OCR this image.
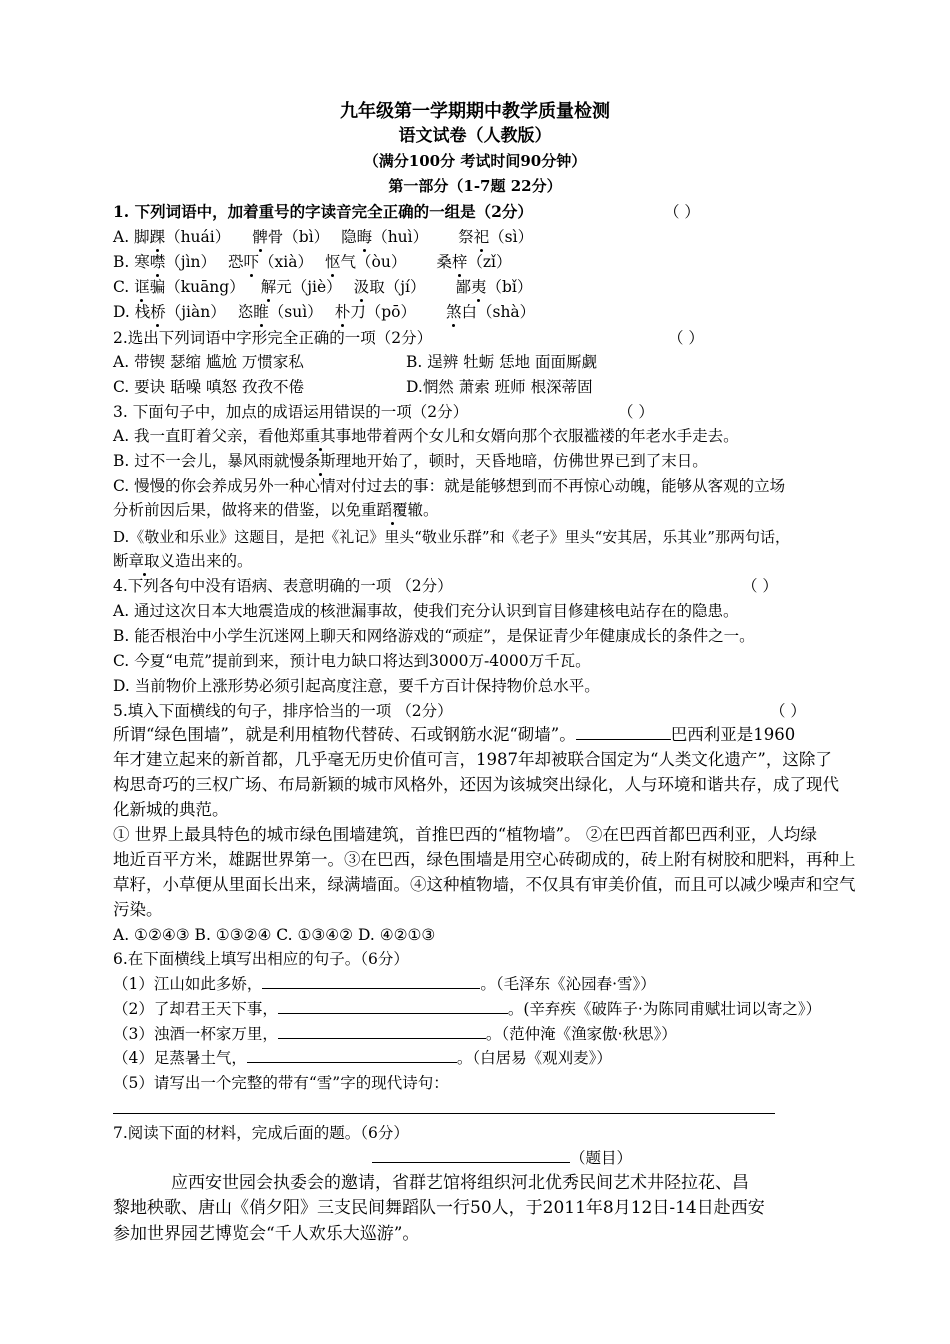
九年级第一学期期中教学质量检测
语文试卷（人教版）
（满分100分 考试时间90分钟）
第一部分（1-7题 22分）
1. 下列词语中，加着重号的字读音完全正确的一组是（2分）	（ ）
A. 脚踝（huái） 髀骨（bì） 隐晦（huì） 祭祀（sì）
B. 寒噤（jìn） 恐吓（xià） 怄气（òu） 桑梓（zǐ）
C. 诓骗（kuāng） 解元（jiè） 汲取（jí） 鄙夷（bǐ）
D. 栈桥（jiàn） 恣睢（suì） 朴刀（pō） 煞白（shà）
2.选出下列词语中字形完全正确的一项（2分）	（ ）
A. 带锲 瑟缩 尴尬 万惯家私	B. 逞辨 牡蛎 恁地 面面厮觑
C. 要诀 聒噪 嗔怒 孜孜不倦	D.惘然 萧索 班师 根深蒂固
3. 下面句子中，加点的成语运用错误的一项（2分）	（ ）
A. 我一直盯着父亲，看他郑重其事地带着两个女儿和女婿向那个衣服褴褛的年老水手走去。
B. 过不一会儿，暴风雨就慢条斯理地开始了，顿时，天昏地暗，仿佛世界已到了末日。
C. 慢慢的你会养成另外一种心情对付过去的事：就是能够想到而不再惊心动魄，能够从客观的立场
分析前因后果，做将来的借鉴，以免重蹈覆辙。
D.《敬业和乐业》这题目，是把《礼记》里头“敬业乐群”和《老子》里头“安其居，乐其业”那两句话，
断章取义造出来的。
4.下列各句中没有语病、表意明确的一项 （2分）	（ ）
A. 通过这次日本大地震造成的核泄漏事故，使我们充分认识到盲目修建核电站存在的隐患。
B. 能否根治中小学生沉迷网上聊天和网络游戏的“顽症”，是保证青少年健康成长的条件之一。
C. 今夏“电荒”提前到来，预计电力缺口将达到3000万-4000万千瓦。
D. 当前物价上涨形势必须引起高度注意，要千方百计保持物价总水平。
5.填入下面横线的句子，排序恰当的一项 （2分）	（ ）
所谓“绿色围墙”，就是利用植物代替砖、石或钢筋水泥“砌墙”。	巴西利亚是1960
年才建立起来的新首都，几乎毫无历史价值可言，1987年却被联合国定为“人类文化遗产”，这除了
构思奇巧的三权广场、布局新颖的城市风格外，还因为该城突出绿化，人与环境和谐共存，成了现代
化新城的典范。
① 世界上最具特色的城市绿色围墙建筑，首推巴西的“植物墙”。 ②在巴西首都巴西利亚，人均绿
地近百平方米，雄踞世界第一。③在巴西，绿色围墙是用空心砖砌成的，砖上附有树胶和肥料，再种上
草籽，小草便从里面长出来，绿满墙面。④这种植物墙，不仅具有审美价值，而且可以减少噪声和空气
污染。
A. ①②④③ B. ①③②④ C. ①③④② D. ④②①③
6.在下面横线上填写出相应的句子。（6分）
（1）江山如此多娇，	。（毛泽东《沁园春·雪》）
（2）了却君王天下事，	。(辛弃疾《破阵子·为陈同甫赋壮词以寄之》）
（3）浊酒一杯家万里，	。（范仲淹《渔家傲·秋思》）
（4）足蒸暑土气，	。（白居易《观刈麦》）
（5）请写出一个完整的带有“雪”字的现代诗句：
7.阅读下面的材料，完成后面的题。（6分）
（题目）
应西安世园会执委会的邀请，省群艺馆将组织河北优秀民间艺术井陉拉花、昌
黎地秧歌、唐山《俏夕阳》三支民间舞蹈队一行50人，于2011年8月12日-14日赴西安
参加世界园艺博览会“千人欢乐大巡游”。
